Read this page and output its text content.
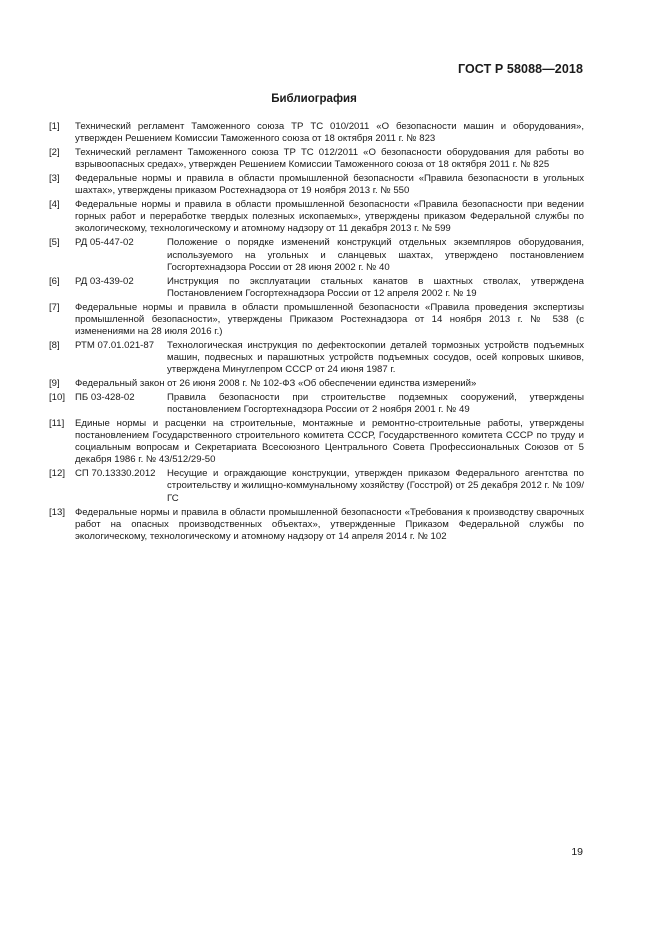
ГОСТ Р 58088—2018
Библиография
[1] Технический регламент Таможенного союза ТР ТС 010/2011 «О безопасности машин и оборудования», утвержден Решением Комиссии Таможенного союза от 18 октября 2011 г. № 823
[2] Технический регламент Таможенного союза ТР ТС 012/2011 «О безопасности оборудования для работы во взрывоопасных средах», утвержден Решением Комиссии Таможенного союза от 18 октября 2011 г. № 825
[3] Федеральные нормы и правила в области промышленной безопасности «Правила безопасности в угольных шахтах», утверждены приказом Ростехнадзора от 19 ноября 2013 г. № 550
[4] Федеральные нормы и правила в области промышленной безопасности «Правила безопасности при ведении горных работ и переработке твердых полезных ископаемых», утверждены приказом Федеральной службы по экологическому, технологическому и атомному надзору от 11 декабря 2013 г. № 599
[5] РД 05-447-02	Положение о порядке изменений конструкций отдельных экземпляров оборудования, используемого на угольных и сланцевых шахтах, утверждено постановлением Госгортехнадзора России от 28 июня 2002 г. № 40
[6] РД 03-439-02	Инструкция по эксплуатации стальных канатов в шахтных стволах, утверждена Постановлением Госгортехнадзора России от 12 апреля 2002 г. № 19
[7] Федеральные нормы и правила в области промышленной безопасности «Правила проведения экспертизы промышленной безопасности», утверждены Приказом Ростехнадзора от 14 ноября 2013 г. № 538 (с изменениями на 28 июля 2016 г.)
[8] РТМ 07.01.021-87	Технологическая инструкция по дефектоскопии деталей тормозных устройств подъемных машин, подвесных и парашютных устройств подъемных сосудов, осей копровых шкивов, утверждена Минуглепром СССР от 24 июня 1987 г.
[9] Федеральный закон от 26 июня 2008 г. № 102-ФЗ «Об обеспечении единства измерений»
[10] ПБ 03-428-02	Правила безопасности при строительстве подземных сооружений, утверждены постановлением Госгортехнадзора России от 2 ноября 2001 г. № 49
[11] Единые нормы и расценки на строительные, монтажные и ремонтно-строительные работы, утверждены постановлением Государственного строительного комитета СССР, Государственного комитета СССР по труду и социальным вопросам и Секретариата Всесоюзного Центрального Совета Профессиональных Союзов от 5 декабря 1986 г. № 43/512/29-50
[12] СП 70.13330.2012	Несущие и ограждающие конструкции, утвержден приказом Федерального агентства по строительству и жилищно-коммунальному хозяйству (Госстрой) от 25 декабря 2012 г. № 109/ГС
[13] Федеральные нормы и правила в области промышленной безопасности «Требования к производству сварочных работ на опасных производственных объектах», утвержденные Приказом Федеральной службы по экологическому, технологическому и атомному надзору от 14 апреля 2014 г. № 102
19
